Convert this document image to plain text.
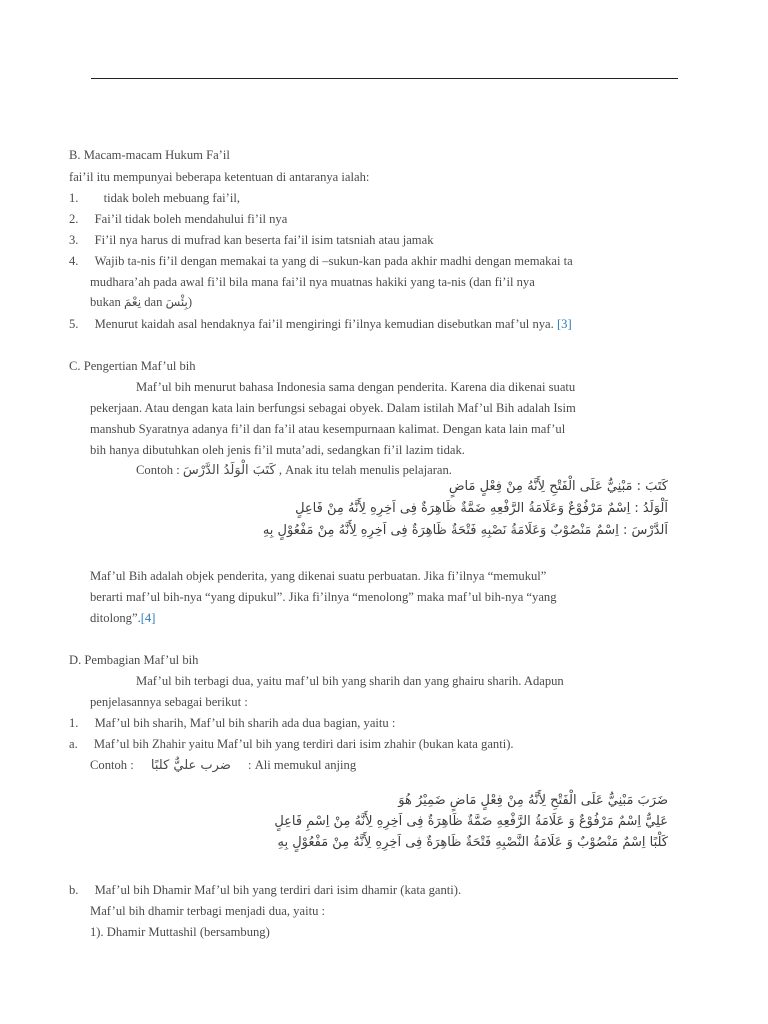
B. Macam-macam Hukum Fa’il
fai’il itu mempunyai beberapa ketentuan di antaranya ialah:
1. tidak boleh mebuang fai’il,
2. Fai’il tidak boleh mendahului fi’il nya
3. Fi’il nya harus di mufrad kan beserta fai’il isim tatsniah atau jamak
4. Wajib ta-nis fi’il dengan memakai ta yang di –sukun-kan pada akhir madhi dengan memakai ta
mudhara’ah pada awal fi’il bila mana fai’il nya muatnas hakiki yang ta-nis (dan fi’il nya
bukan نِعْمَ dan بِئْسَ)
5. Menurut kaidah asal hendaknya fai’il mengiringi fi’ilnya kemudian disebutkan maf’ul nya. [3]
C. Pengertian Maf’ul bih
Maf’ul bih menurut bahasa Indonesia sama dengan penderita. Karena dia dikenai suatu
pekerjaan. Atau dengan kata lain berfungsi sebagai obyek. Dalam istilah Maf’ul Bih adalah Isim
manshub Syaratnya adanya fi’il dan fa’il atau kesempurnaan kalimat. Dengan kata lain maf’ul
bih hanya dibutuhkan oleh jenis fi’il muta’adi, sedangkan fi’il lazim tidak.
Contoh : كَتَبَ الْوَلَدُ الدَّرْسَ , Anak itu telah menulis pelajaran.
كَتَبَ : مَبْنِيٌّ عَلَى الْفَتْحِ لِأَنَّهُ مِنْ فِعْلٍ مَاضٍ
اَلْوَلَدُ : اِسْمٌ مَرْفُوْعٌ وَعَلَامَةُ الرَّفْعِهِ ضَمَّةٌ ظَاهِرَةٌ فِى اَخِرِهِ لِأَنَّهُ مِنْ فَاعِلٍ
اَلدَّرْسَ : اِسْمٌ مَنْصُوْبٌ وَعَلَامَةُ نَصْبِهِ فَتْحَةٌ ظَاهِرَةٌ فِى اَخِرِهِ لِأَنَّهُ مِنْ مَفْعُوْلٍ بِهِ
Maf’ul Bih adalah objek penderita, yang dikenai suatu perbuatan. Jika fi’ilnya “memukul”
berarti maf’ul bih-nya “yang dipukul”. Jika fi’ilnya “menolong” maka maf’ul bih-nya “yang
ditolong”.[4]
D. Pembagian Maf’ul bih
Maf’ul bih terbagi dua, yaitu maf’ul bih yang sharih dan yang ghairu sharih. Adapun
penjelasannya sebagai berikut :
1. Maf’ul bih sharih, Maf’ul bih sharih ada dua bagian, yaitu :
a. Maf’ul bih Zhahir yaitu Maf’ul bih yang terdiri dari isim zhahir (bukan kata ganti).
Contoh : ضرب عليٌّ كلبًا : Ali memukul anjing
ضَرَبَ مَبْنِيٌّ عَلَى الْفَتْحِ لِأَنَّهُ مِنْ فِعْلٍ مَاضٍ ضَمِيْرُ هُوَ
عَلِيٌّ اِسْمٌ مَرْفُوْعٌ وَ عَلَامَةُ الرَّفْعِهِ ضَمَّةٌ ظَاهِرَةٌ فِى اَخِرِهِ لِأَنَّهُ مِنْ اِسْمِ فَاعِلٍ
كَلْبًا اِسْمٌ مَنْصُوْبٌ وَ عَلَامَةُ النَّصْبِهِ فَتْحَةٌ ظَاهِرَةٌ فِى اَخِرِهِ لِأَنَّهُ مِنْ مَفْعُوْلٍ بِهِ
b. Maf’ul bih Dhamir Maf’ul bih yang terdiri dari isim dhamir (kata ganti).
Maf’ul bih dhamir terbagi menjadi dua, yaitu :
1). Dhamir Muttashil (bersambung)
